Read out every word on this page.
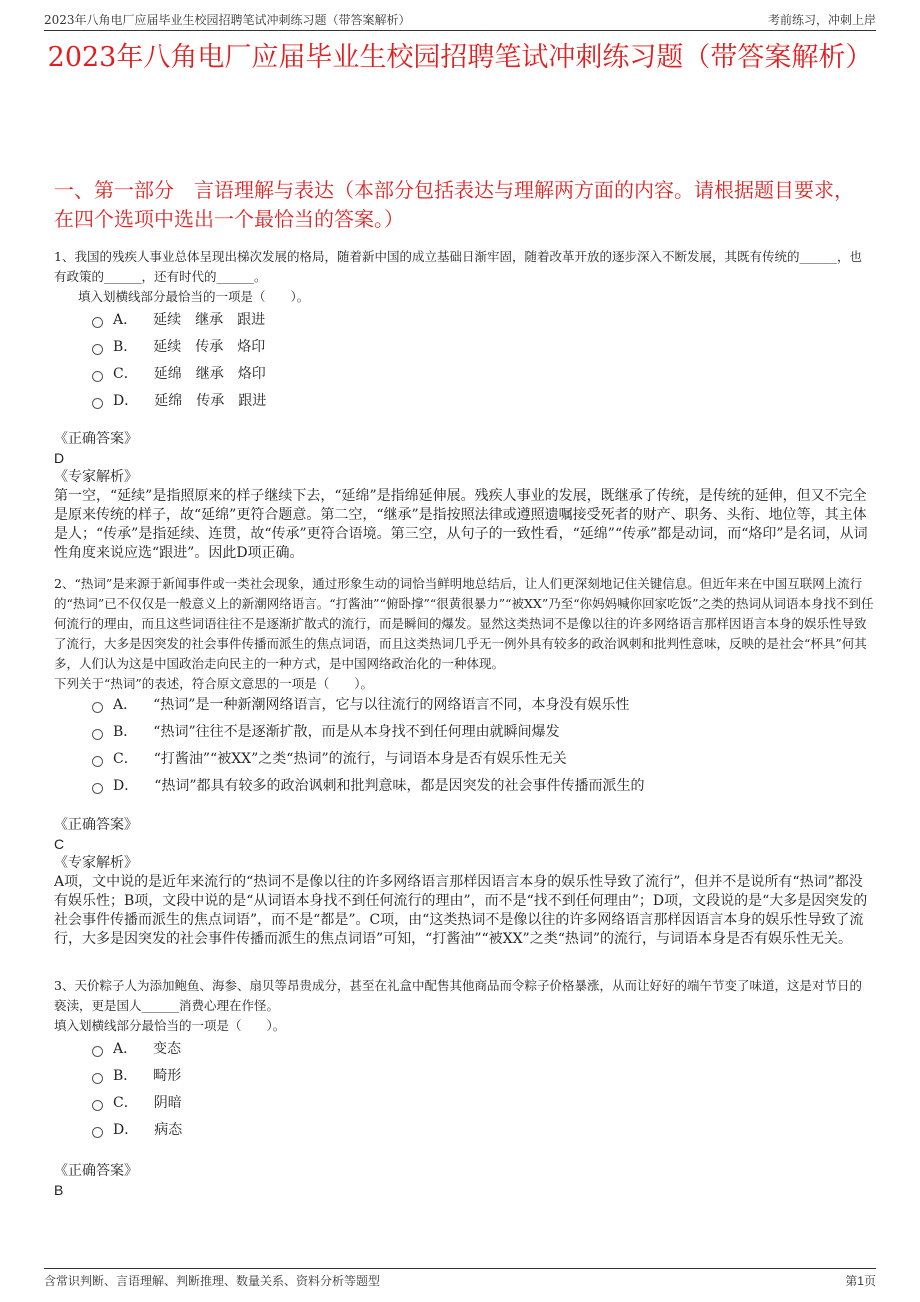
2023年八角电厂应届毕业生校园招聘笔试冲刺练习题（带答案解析）	考前练习，冲刺上岸
2023年八角电厂应届毕业生校园招聘笔试冲刺练习题（带答案解析）
一、第一部分　言语理解与表达（本部分包括表达与理解两方面的内容。请根据题目要求，在四个选项中选出一个最恰当的答案。）

1、我国的残疾人事业总体呈现出梯次发展的格局，随着新中国的成立基础日渐牢固，随着改革开放的逐步深入不断发展，其既有传统的______，也有政策的______，还有时代的______。

填入划横线部分最恰当的一项是（　　）。

A． 延续　继承　跟进
B． 延续　传承　烙印
C． 延绵　继承　烙印
D． 延绵　传承　跟进

《正确答案》

D

《专家解析》

第一空，“延续”是指照原来的样子继续下去，“延绵”是指绵延伸展。残疾人事业的发展，既继承了传统，是传统的延伸，但又不完全是原来传统的样子，故“延绵”更符合题意。第二空，“继承”是指按照法律或遵照遗嘱接受死者的财产、职务、头衔、地位等，其主体是人；“传承”是指延续、连贯，故“传承”更符合语境。第三空，从句子的一致性看，“延绵”“传承”都是动词，而“烙印”是名词，从词性角度来说应选“跟进”。因此D项正确。

2、“热词”是来源于新闻事件或一类社会现象，通过形象生动的词恰当鲜明地总结后，让人们更深刻地记住关键信息。但近年来在中国互联网上流行的“热词”已不仅仅是一般意义上的新潮网络语言。“打酱油”“俯卧撑”“很黄很暴力”“被XX”乃至“你妈妈喊你回家吃饭”之类的热词从词语本身找不到任何流行的理由，而且这些词语往往不是逐渐扩散式的流行，而是瞬间的爆发。显然这类热词不是像以往的许多网络语言那样因语言本身的娱乐性导致了流行，大多是因突发的社会事件传播而派生的焦点词语，而且这类热词几乎无一例外具有较多的政治讽刺和批判性意味，反映的是社会“杯具”何其多，人们认为这是中国政治走向民主的一种方式，是中国网络政治化的一种体现。

下列关于“热词”的表述，符合原文意思的一项是（　　）。

A． “热词”是一种新潮网络语言，它与以往流行的网络语言不同，本身没有娱乐性
B． “热词”往往不是逐渐扩散，而是从本身找不到任何理由就瞬间爆发
C． “打酱油”“被XX”之类“热词”的流行，与词语本身是否有娱乐性无关
D． “热词”都具有较多的政治讽刺和批判意味，都是因突发的社会事件传播而派生的

《正确答案》

C

《专家解析》

A项，文中说的是近年来流行的“热词不是像以往的许多网络语言那样因语言本身的娱乐性导致了流行”，但并不是说所有“热词”都没有娱乐性；B项，文段中说的是“从词语本身找不到任何流行的理由”，而不是“找不到任何理由”；D项，文段说的是“大多是因突发的社会事件传播而派生的焦点词语”，而不是“都是”。C项，由“这类热词不是像以往的许多网络语言那样因语言本身的娱乐性导致了流行，大多是因突发的社会事件传播而派生的焦点词语”可知，“打酱油”“被XX”之类“热词”的流行，与词语本身是否有娱乐性无关。

3、天价粽子人为添加鲍鱼、海参、扇贝等昂贵成分，甚至在礼盒中配售其他商品而令粽子价格暴涨，从而让好好的端午节变了味道，这是对节日的亵渎，更是国人______消费心理在作怪。

填入划横线部分最恰当的一项是（　　）。

A． 变态
B． 畸形
C． 阴暗
D． 病态

《正确答案》

B

含常识判断、言语理解、判断推理、数量关系、资料分析等题型	第1页
